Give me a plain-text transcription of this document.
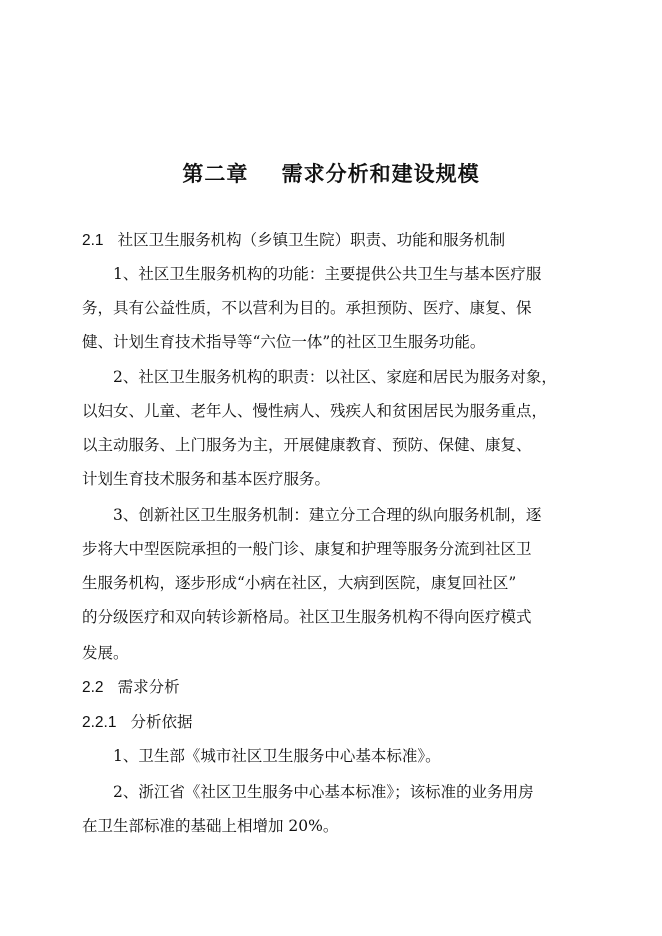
第二章    需求分析和建设规模
2.1 社区卫生服务机构（乡镇卫生院）职责、功能和服务机制
1、社区卫生服务机构的功能：主要提供公共卫生与基本医疗服
务，具有公益性质，不以营利为目的。承担预防、医疗、康复、保
健、计划生育技术指导等“六位一体”的社区卫生服务功能。
2、社区卫生服务机构的职责：以社区、家庭和居民为服务对象，
以妇女、儿童、老年人、慢性病人、残疾人和贫困居民为服务重点，
以主动服务、上门服务为主，开展健康教育、预防、保健、康复、
计划生育技术服务和基本医疗服务。
3、创新社区卫生服务机制：建立分工合理的纵向服务机制，逐
步将大中型医院承担的一般门诊、康复和护理等服务分流到社区卫
生服务机构，逐步形成“小病在社区，大病到医院，康复回社区”
的分级医疗和双向转诊新格局。社区卫生服务机构不得向医疗模式
发展。
2.2 需求分析
2.2.1 分析依据
1、卫生部《城市社区卫生服务中心基本标准》。
2、浙江省《社区卫生服务中心基本标准》；该标准的业务用房
在卫生部标准的基础上相增加 20%。
